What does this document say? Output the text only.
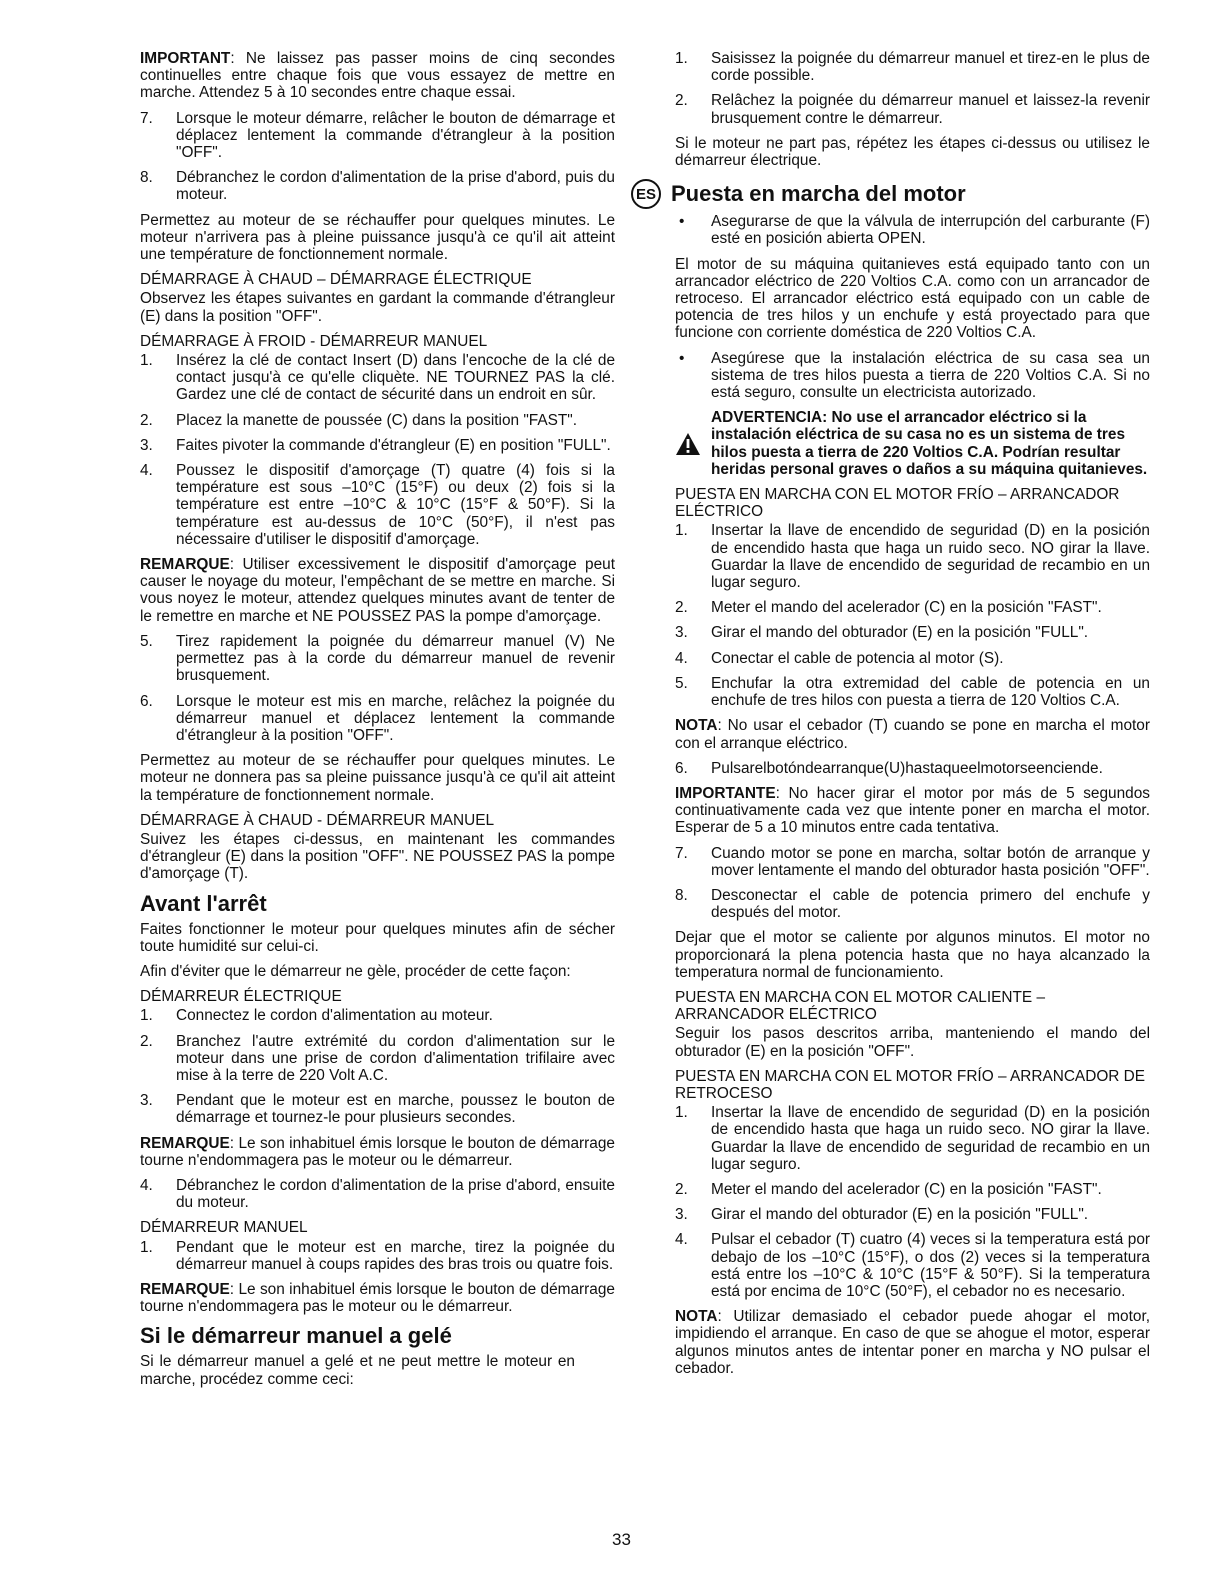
IMPORTANT: Ne laissez pas passer moins de cinq secondes continuelles entre chaque fois que vous essayez de mettre en marche. Attendez 5 à 10 secondes entre chaque essai.

7.	Lorsque le moteur démarre, relâcher le bouton de démarrage et déplacez lentement la commande d'étrangleur à la position "OFF".
8.	Débranchez le cordon d'alimentation de la prise d'abord, puis du moteur.

Permettez au moteur de se réchauffer pour quelques minutes. Le moteur n'arrivera pas à pleine puissance jusqu'à ce qu'il ait atteint une température de fonctionnement normale.

DÉMARRAGE À CHAUD – DÉMARRAGE ÉLECTRIQUE

Observez les étapes suivantes en gardant la commande d'étrangleur (E) dans la position "OFF".

DÉMARRAGE À FROID - DÉMARREUR MANUEL
1.	Insérez la clé de contact Insert (D) dans l'encoche de la clé de contact jusqu'à ce qu'elle cliquète. NE TOURNEZ PAS la clé. Gardez une clé de contact de sécurité dans un endroit en sûr.
2.	Placez la manette de poussée (C) dans la position "FAST".
3.	Faites pivoter la commande d'étrangleur (E) en position "FULL".
4.	Poussez le dispositif d'amorçage (T) quatre (4) fois si la température est sous –10°C (15°F) ou deux (2) fois si la température est entre –10°C & 10°C (15°F & 50°F). Si la température est au-dessus de 10°C (50°F), il n'est pas nécessaire d'utiliser le dispositif d'amorçage.

REMARQUE: Utiliser excessivement le dispositif d'amorçage peut causer le noyage du moteur, l'empêchant de se mettre en marche. Si vous noyez le moteur, attendez quelques minutes avant de tenter de le remettre en marche et NE POUSSEZ PAS la pompe d'amorçage.

5.	Tirez rapidement la poignée du démarreur manuel (V) Ne permettez pas à la corde du démarreur manuel de revenir brusquement.
6.	Lorsque le moteur est mis en marche, relâchez la poignée du démarreur manuel et déplacez lentement la commande d'étrangleur à la position "OFF".

Permettez au moteur de se réchauffer pour quelques minutes. Le moteur ne donnera pas sa pleine puissance jusqu'à ce qu'il ait atteint la température de fonctionnement normale.

DÉMARRAGE À CHAUD - DÉMARREUR MANUEL

Suivez les étapes ci-dessus, en maintenant les commandes d'étrangleur (E) dans la position "OFF". NE POUSSEZ PAS la pompe d'amorçage (T).

Avant l'arrêt

Faites fonctionner le moteur pour quelques minutes afin de sécher toute humidité sur celui-ci.

Afin d'éviter que le démarreur ne gèle, procéder de cette façon:

DÉMARREUR ÉLECTRIQUE
1.	Connectez le cordon d'alimentation au moteur.
2.	Branchez l'autre extrémité du cordon d'alimentation sur le moteur dans une prise de cordon d'alimentation trifilaire avec mise à la terre de 220 Volt A.C.
3.	Pendant que le moteur est en marche, poussez le bouton de démarrage et tournez-le pour plusieurs secondes.

REMARQUE: Le son inhabituel émis lorsque le bouton de démarrage tourne n'endommagera pas le moteur ou le démarreur.

4.	Débranchez le cordon d'alimentation de la prise d'abord, ensuite du moteur.
DÉMARREUR MANUEL
1.	Pendant que le moteur est en marche, tirez la poignée du démarreur manuel à coups rapides des bras trois ou quatre fois.

REMARQUE: Le son inhabituel émis lorsque le bouton de démarrage tourne n'endommagera pas le moteur ou le démarreur.

Si le démarreur manuel a gelé

Si le démarreur manuel a gelé et ne peut mettre le moteur en marche, procédez comme ceci:

33
1.	Saisissez la poignée du démarreur manuel et tirez-en le plus de corde possible.
2.	Relâchez la poignée du démarreur manuel et laissez-la revenir brusquement contre le démarreur.

Si le moteur ne part pas, répétez les étapes ci-dessus ou utilisez le démarreur électrique.

ES Puesta en marcha del motor
•	Asegurarse de que la válvula de interrupción del carburante (F) esté en posición abierta OPEN.

El motor de su máquina quitanieves está equipado tanto con un arrancador eléctrico de 220 Voltios C.A. como con un arrancador de retroceso. El arrancador eléctrico está equipado con un cable de potencia de tres hilos y un enchufe y está proyectado para que funcione con corriente doméstica de 220 Voltios C.A.

•	Asegúrese que la instalación eléctrica de su casa sea un sistema de tres hilos puesta a tierra de 220 Voltios C.A. Si no está seguro, consulte un electricista autorizado.
ADVERTENCIA: No use el arrancador eléctrico si la instalación eléctrica de su casa no es un sistema de tres hilos puesta a tierra de 220 Voltios C.A. Podrían resultar heridas personal graves o daños a su máquina quitanieves.
PUESTA EN MARCHA CON EL MOTOR FRÍO – ARRANCADOR ELÉCTRICO
1.	Insertar la llave de encendido de seguridad (D) en la posición de encendido hasta que haga un ruido seco. NO girar la llave. Guardar la llave de encendido de seguridad de recambio en un lugar seguro.
2.	Meter el mando del acelerador (C) en la posición "FAST".
3.	Girar el mando del obturador (E) en la posición "FULL".
4.	Conectar el cable de potencia al motor (S).
5.	Enchufar la otra extremidad del cable de potencia en un enchufe de tres hilos con puesta a tierra de 120 Voltios C.A.

NOTA: No usar el cebador (T) cuando se pone en marcha el motor con el arranque eléctrico.

6.	Pulsarelbotóndearranque(U)hastaqueelmotorseenciende.

IMPORTANTE: No hacer girar el motor por más de 5 segundos continuativamente cada vez que intente poner en marcha el motor. Esperar de 5 a 10 minutos entre cada tentativa.

7.	Cuando motor se pone en marcha, soltar botón de arranque y mover lentamente el mando del obturador hasta posición "OFF".
8.	Desconectar el cable de potencia primero del enchufe y después del motor.

Dejar que el motor se caliente por algunos minutos. El motor no proporcionará la plena potencia hasta que no haya alcanzado la temperatura normal de funcionamiento.

PUESTA EN MARCHA CON EL MOTOR CALIENTE – ARRANCADOR ELÉCTRICO

Seguir los pasos descritos arriba, manteniendo el mando del obturador (E) en la posición "OFF".

PUESTA EN MARCHA CON EL MOTOR FRÍO – ARRANCADOR DE RETROCESO
1.	Insertar la llave de encendido de seguridad (D) en la posición de encendido hasta que haga un ruido seco. NO girar la llave. Guardar la llave de encendido de seguridad de recambio en un lugar seguro.
2.	Meter el mando del acelerador (C) en la posición "FAST".
3.	Girar el mando del obturador (E) en la posición "FULL".
4.	Pulsar el cebador (T) cuatro (4) veces si la temperatura está por debajo de los –10°C (15°F), o dos (2) veces si la temperatura está entre los –10°C & 10°C (15°F & 50°F). Si la temperatura está por encima de 10°C (50°F), el cebador no es necesario.

NOTA: Utilizar demasiado el cebador puede ahogar el motor, impidiendo el arranque. En caso de que se ahogue el motor, esperar algunos minutos antes de intentar poner en marcha y NO pulsar el cebador.
